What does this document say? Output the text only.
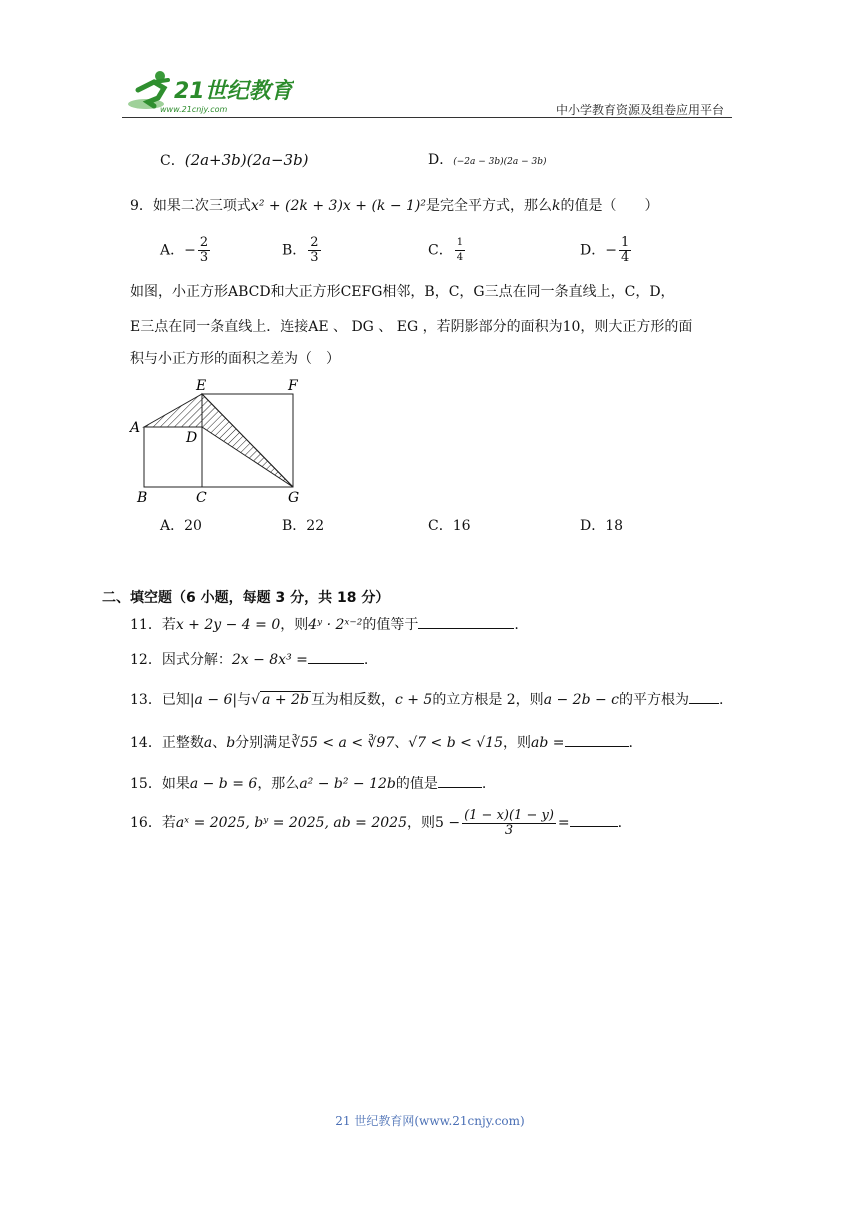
21世纪教育
www.21cnjy.com	中小学教育资源及组卷应用平台
C．(2a+3b)(2a−3b)	D．(−2a − 3b)(2a − 3b)
9．如果二次三项式x² + (2k + 3)x + (k − 1)²是完全平方式，那么k的值是（　　）
A．− $\frac{2}{3}$	B． $\frac{2}{3}$	C． $\frac{1}{4}$	D．− $\frac{1}{4}$
如图，小正方形ABCD和大正方形CEFG相邻，B，C，G三点在同一条直线上，C，D，
E三点在同一条直线上．连接AE 、 DG 、 EG ，若阴影部分的面积为10，则大正方形的面
积与小正方形的面积之差为（　）
E	F
A
D
B	C	G
A．20	B．22	C．16	D．18
二、填空题（6 小题，每题 3 分，共 18 分）
11．若x + 2y − 4 = 0，则4ʸ · 2ˣ⁻²的值等于	.
12．因式分解：2x − 8x³ =	.
13．已知|a − 6|与√ a + 2b 互为相反数，c + 5的立方根是 2，则a − 2b − c的平方根为 .
14．正整数a、b分别满足∛55 < a < ∛97、√7 < b < √15，则ab =	.
15．如果a − b = 6，那么a² − b² − 12b的值是	.
16．若aˣ = 2025, bʸ = 2025, ab = 2025，则$5 - \frac{(1 - x)(1 - y)}{3}$ =	.
21 世纪教育网(www.21cnjy.com)
